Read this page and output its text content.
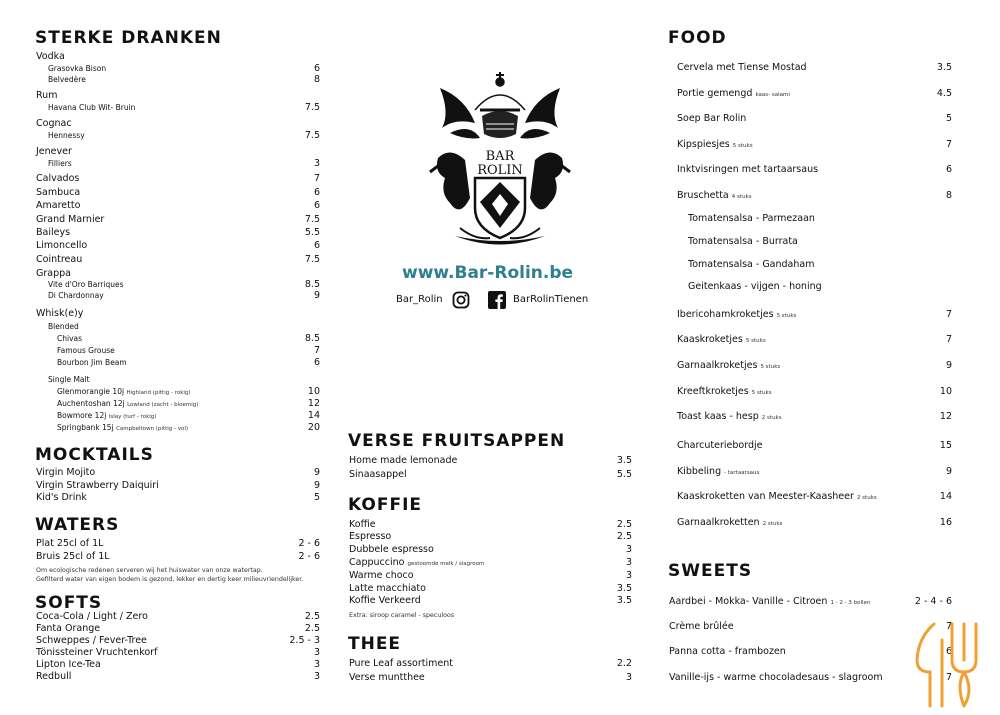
STERKE DRANKEN
Vodka
Grasovka Bison	6
Belvedère	8
Rum
Havana Club Wit- Bruin	7.5
Cognac
Hennessy	7.5
Jenever
Filliers	3
Calvados	7
Sambuca	6
Amaretto	6
Grand Marnier	7.5
Baileys	5.5
Limoncello	6
Cointreau	7.5
Grappa
Vite d'Oro Barriques	8.5
Di Chardonnay	9
Whisk(e)y
Blended
Chivas	8.5
Famous Grouse	7
Bourbon Jim Beam	6
Single Malt
Glenmorangie 10j Highland (pittig - rokig)	10
Auchentoshan 12j Lowland (zacht - bloemig)	12
Bowmore 12j Islay (turf - rokig)	14
Springbank 15j Campbeltown (pittig - vol)	20
MOCKTAILS
Virgin Mojito	9
Virgin Strawberry Daiquiri	9
Kid's Drink	5
WATERS
Plat 25cl of 1L	2 - 6
Bruis 25cl of 1L	2 - 6
Om ecologische redenen serveren wij het huiswater van onze watertap.
Gefilterd water van eigen bodem is gezond, lekker en dertig keer milieuvriendelijker.
SOFTS
Coca-Cola / Light / Zero	2.5
Fanta Orange	2.5
Schweppes / Fever-Tree	2.5 - 3
Tönissteiner Vruchtenkorf	3
Lipton Ice-Tea	3
Redbull	3
BAR
ROLIN
www.Bar-Rolin.be
Bar_Rolin	BarRolinTienen
VERSE FRUITSAPPEN
Home made lemonade	3.5
Sinaasappel	5.5
KOFFIE
Koffie	2.5
Espresso	2.5
Dubbele espresso	3
Cappuccino gestoomde melk / slagroom	3
Warme choco	3
Latte macchiato	3.5
Koffie Verkeerd	3.5
Extra: siroop caramel - speculoos
THEE
Pure Leaf assortiment	2.2
Verse muntthee	3
FOOD
Cervela met Tiense Mostad	3.5
Portie gemengd kaas- salami	4.5
Soep Bar Rolin	5
Kipspiesjes 5 stuks	7
Inktvisringen met tartaarsaus	6
Bruschetta 4 stuks	8
Tomatensalsa - Parmezaan
Tomatensalsa - Burrata
Tomatensalsa - Gandaham
Geitenkaas - vijgen - honing
Ibericohamkroketjes 5 stuks	7
Kaaskroketjes 5 stuks	7
Garnaalkroketjes 5 stuks	9
Kreeftkroketjes 5 stuks	10
Toast kaas - hesp 2 stuks	12
Charcuteriebordje	15
Kibbeling - tartaarsaus	9
Kaaskroketten van Meester-Kaasheer 2 stuks	14
Garnaalkroketten 2 stuks	16
SWEETS
Aardbei - Mokka- Vanille - Citroen 1 - 2 - 3 bollen	2 - 4 - 6
Crème brûlée	7
Panna cotta - frambozen	6
Vanille-ijs - warme chocoladesaus - slagroom	7
